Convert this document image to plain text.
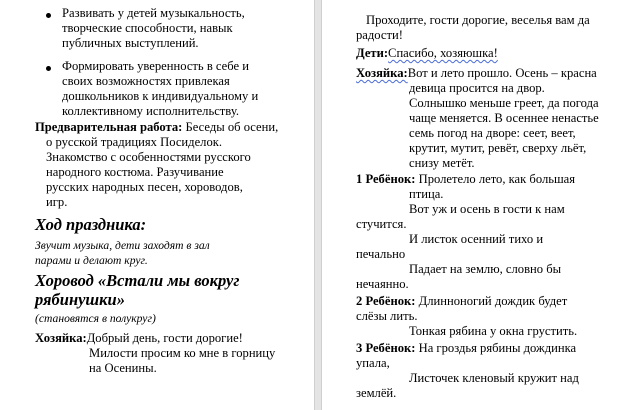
Развивать у детей музыкальность,
творческие способности, навык
публичных выступлений.
Формировать уверенность в себе и
своих возможностях привлекая
дошкольников к индивидуальному и
коллективному исполнительству.
Предварительная работа: Беседы об осени,
о русской традициях Посиделок.
Знакомство с особенностями русского
народного костюма. Разучивание
русских народных песен, хороводов,
игр.
Ход праздника:
Звучит музыка, дети заходят в зал
парами и делают круг.
Хоровод «Встали мы вокруг
рябинушки»
(становятся в полукруг)
Хозяйка:Добрый день, гости дорогие!
Милости просим ко мне в горницу
на Осенины.
Проходите, гости дорогие, веселья вам да
радости!
Дети:Спасибо, хозяюшка!
Хозяйка:Вот и лето прошло. Осень – красна
девица просится на двор.
Солнышко меньше греет, да погода
чаще меняется. В осеннее ненастье
семь погод на дворе: сеет, веет,
крутит, мутит, ревёт, сверху льёт,
снизу метёт.
1 Ребёнок: Пролетело лето, как большая
птица.
Вот уж и осень в гости к нам
стучится.
И листок осенний тихо и
печально
Падает на землю, словно бы
нечаянно.
2 Ребёнок: Длинноногий дождик будет
слёзы лить.
Тонкая рябина у окна грустить.
3 Ребёнок: На гроздья рябины дождинка
упала,
Листочек кленовый кружит над
землёй.
